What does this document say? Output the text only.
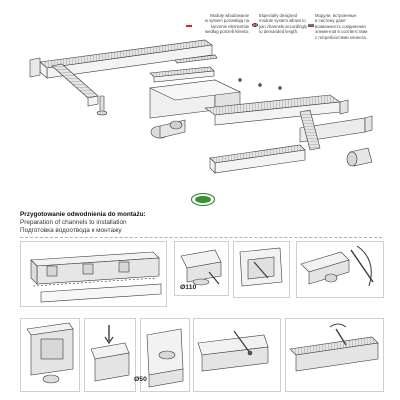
Moduły wbudowanie
w system pozwalają na
łączenie elementów
według potrzeb klienta.
Especially designed
module system allows to
join channels accordingly
to demanded length.
Модули, встроенные
в систему дают
возможность соединения
элементов в соответствии
с потребностями клиента.
Przygotowanie odwodnienia do montażu:
Preparation of channels to installation
Подготовка водоотвода к монтажу
Ø110
Ø50
